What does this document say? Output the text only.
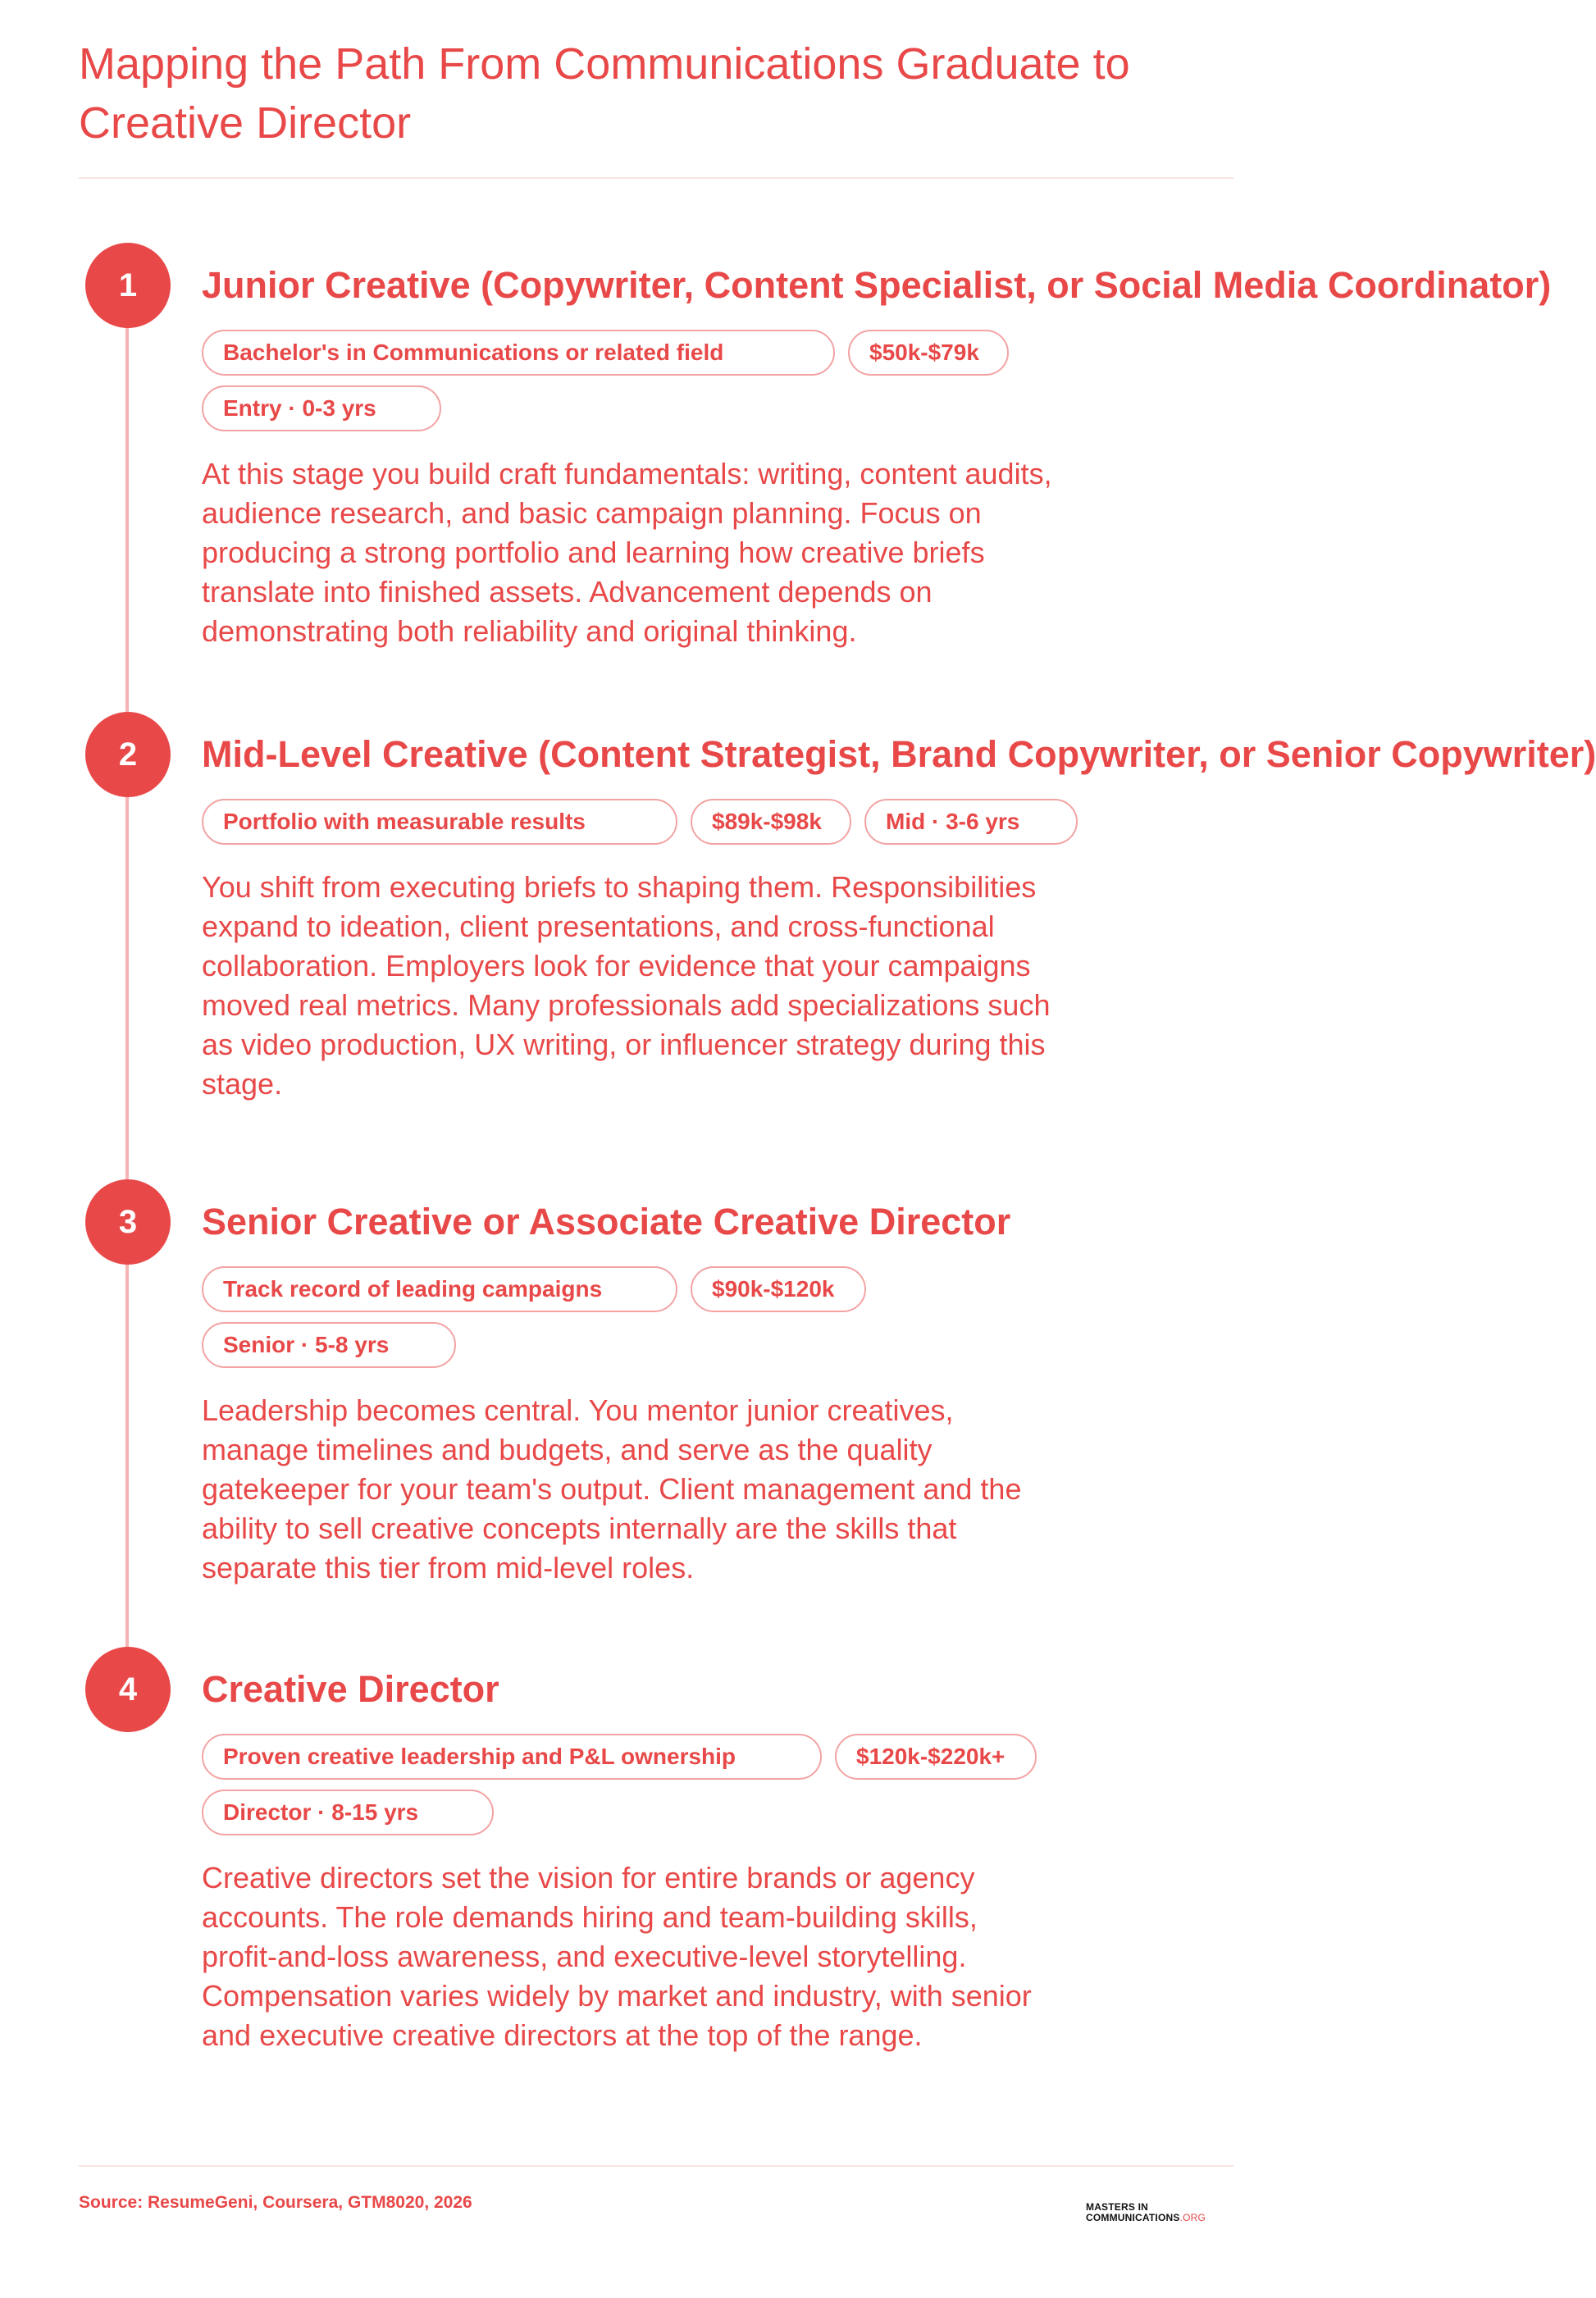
Mapping the Path From Communications Graduate to Creative Director
1	Junior Creative (Copywriter, Content Specialist, or Social Media Coordinator)
Bachelor's in Communications or related field	$50k-$79k
Entry · 0-3 yrs

At this stage you build craft fundamentals: writing, content audits, audience research, and basic campaign planning. Focus on producing a strong portfolio and learning how creative briefs translate into finished assets. Advancement depends on demonstrating both reliability and original thinking.

2	Mid-Level Creative (Content Strategist, Brand Copywriter, or Senior Copywriter)
Portfolio with measurable results	$89k-$98k	Mid · 3-6 yrs

You shift from executing briefs to shaping them. Responsibilities expand to ideation, client presentations, and cross-functional collaboration. Employers look for evidence that your campaigns moved real metrics. Many professionals add specializations such as video production, UX writing, or influencer strategy during this stage.

3	Senior Creative or Associate Creative Director
Track record of leading campaigns	$90k-$120k
Senior · 5-8 yrs

Leadership becomes central. You mentor junior creatives, manage timelines and budgets, and serve as the quality gatekeeper for your team's output. Client management and the ability to sell creative concepts internally are the skills that separate this tier from mid-level roles.

4	Creative Director
Proven creative leadership and P&L ownership	$120k-$220k+
Director · 8-15 yrs

Creative directors set the vision for entire brands or agency accounts. The role demands hiring and team-building skills, profit-and-loss awareness, and executive-level storytelling. Compensation varies widely by market and industry, with senior and executive creative directors at the top of the range.

Source: ResumeGeni, Coursera, GTM8020, 2026	MASTERS IN
COMMUNICATIONS.ORG
